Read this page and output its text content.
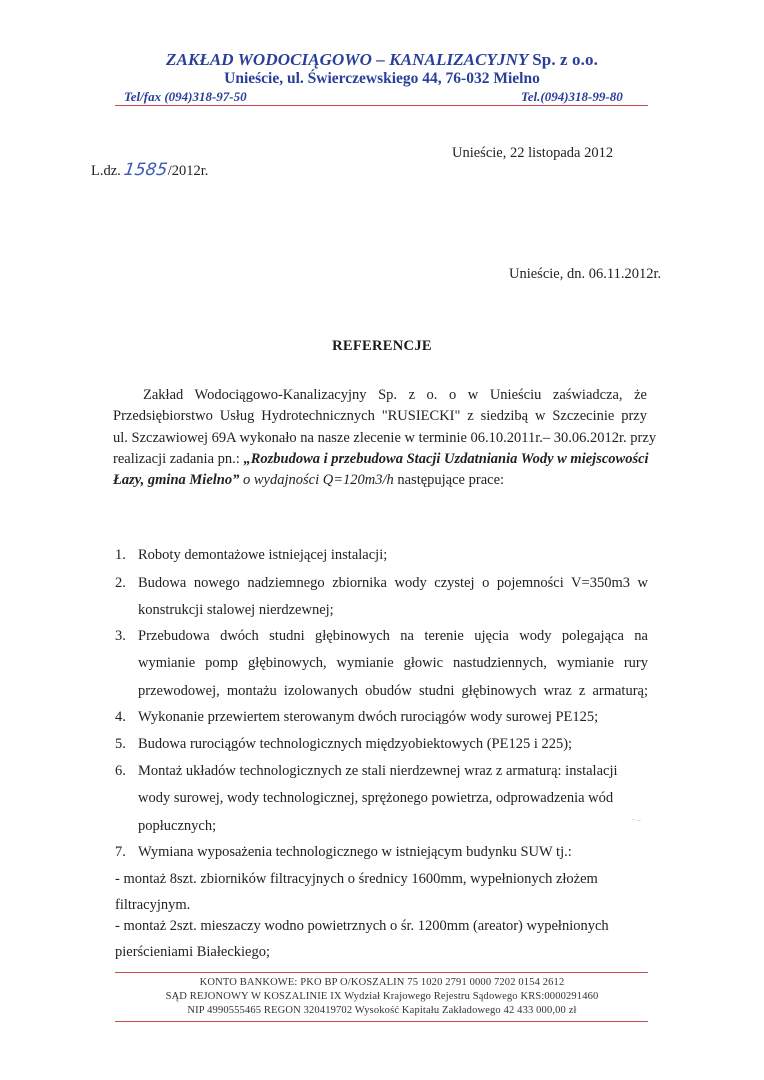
ZAKŁAD WODOCIĄGOWO – KANALIZACYJNY Sp. z o.o.
Unieście, ul. Świerczewskiego 44, 76-032 Mielno
Tel/fax (094)318-97-50	Tel.(094)318-99-80
Unieście, 22 listopada 2012
L.dz. 1585/2012r.
Unieście, dn. 06.11.2012r.
REFERENCJE
Zakład Wodociągowo-Kanalizacyjny Sp. z o. o w Unieściu zaświadcza, że
Przedsiębiorstwo Usług Hydrotechnicznych "RUSIECKI" z siedzibą w Szczecinie przy
ul. Szczawiowej 69A wykonało na nasze zlecenie w terminie 06.10.2011r.– 30.06.2012r. przy
realizacji zadania pn.: „Rozbudowa i przebudowa Stacji Uzdatniania Wody w miejscowości
Łazy, gmina Mielno” o wydajności Q=120m3/h następujące prace:
1. Roboty demontażowe istniejącej instalacji;
2. Budowa nowego nadziemnego zbiornika wody czystej o pojemności V=350m3 w
konstrukcji stalowej nierdzewnej;
3. Przebudowa dwóch studni głębinowych na terenie ujęcia wody polegająca na
wymianie pomp głębinowych, wymianie głowic nastudziennych, wymianie rury
przewodowej, montażu izolowanych obudów studni głębinowych wraz z armaturą;
4. Wykonanie przewiertem sterowanym dwóch rurociągów wody surowej PE125;
5. Budowa rurociągów technologicznych międzyobiektowych (PE125 i 225);
6. Montaż układów technologicznych ze stali nierdzewnej wraz z armaturą: instalacji
wody surowej, wody technologicznej, sprężonego powietrza, odprowadzenia wód
popłucznych;
7. Wymiana wyposażenia technologicznego w istniejącym budynku SUW tj.:
- –
- montaż 8szt. zbiorników filtracyjnych o średnicy 1600mm, wypełnionych złożem
filtracyjnym.
- montaż 2szt. mieszaczy wodno powietrznych o śr. 1200mm (areator) wypełnionych
pierścieniami Białeckiego;
KONTO BANKOWE: PKO BP O/KOSZALIN 75 1020 2791 0000 7202 0154 2612
SĄD REJONOWY W KOSZALINIE IX Wydział Krajowego Rejestru Sądowego KRS:0000291460
NIP 4990555465 REGON 320419702 Wysokość Kapitału Zakładowego 42 433 000,00 zł
